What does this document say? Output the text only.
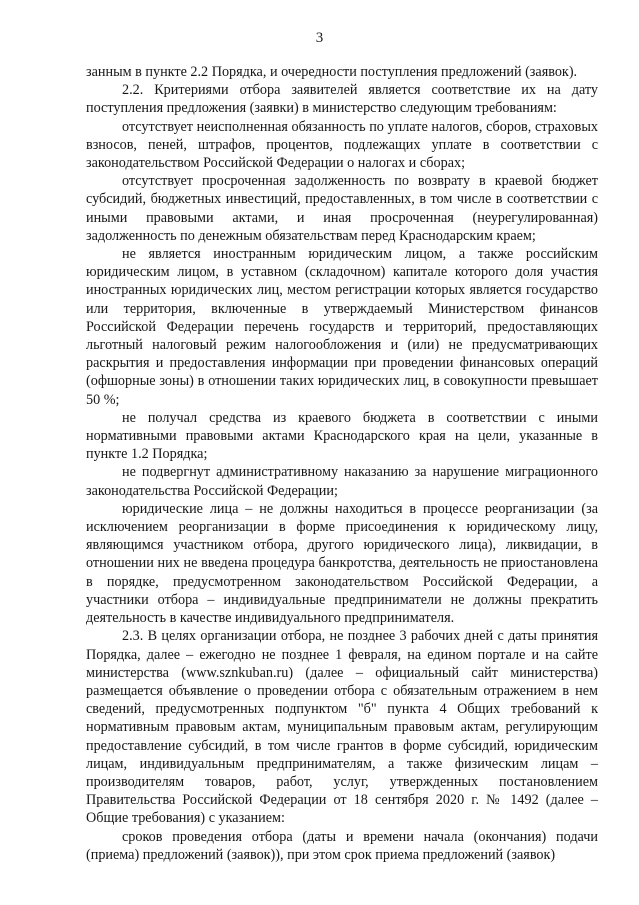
3

занным в пункте 2.2 Порядка, и очередности поступления предложений (заявок).

2.2. Критериями отбора заявителей является соответствие их на дату поступления предложения (заявки) в министерство следующим требованиям:

отсутствует неисполненная обязанность по уплате налогов, сборов, страховых взносов, пеней, штрафов, процентов, подлежащих уплате в соответствии с законодательством Российской Федерации о налогах и сборах;

отсутствует просроченная задолженность по возврату в краевой бюджет субсидий, бюджетных инвестиций, предоставленных, в том числе в соответствии с иными правовыми актами, и иная просроченная (неурегулированная) задолженность по денежным обязательствам перед Краснодарским краем;

не является иностранным юридическим лицом, а также российским юридическим лицом, в уставном (складочном) капитале которого доля участия иностранных юридических лиц, местом регистрации которых является государство или территория, включенные в утверждаемый Министерством финансов Российской Федерации перечень государств и территорий, предоставляющих льготный налоговый режим налогообложения и (или) не предусматривающих раскрытия и предоставления информации при проведении финансовых операций (офшорные зоны) в отношении таких юридических лиц, в совокупности превышает 50 %;

не получал средства из краевого бюджета в соответствии с иными нормативными правовыми актами Краснодарского края на цели, указанные в пункте 1.2 Порядка;

не подвергнут административному наказанию за нарушение миграционного законодательства Российской Федерации;

юридические лица – не должны находиться в процессе реорганизации (за исключением реорганизации в форме присоединения к юридическому лицу, являющимся участником отбора, другого юридического лица), ликвидации, в отношении них не введена процедура банкротства, деятельность не приостановлена в порядке, предусмотренном законодательством Российской Федерации, а участники отбора – индивидуальные предприниматели не должны прекратить деятельность в качестве индивидуального предпринимателя.

2.3. В целях организации отбора, не позднее 3 рабочих дней с даты принятия Порядка, далее – ежегодно не позднее 1 февраля, на едином портале и на сайте министерства (www.sznkuban.ru) (далее – официальный сайт министерства) размещается объявление о проведении отбора с обязательным отражением в нем сведений, предусмотренных подпунктом "б" пункта 4 Общих требований к нормативным правовым актам, муниципальным правовым актам, регулирующим предоставление субсидий, в том числе грантов в форме субсидий, юридическим лицам, индивидуальным предпринимателям, а также физическим лицам – производителям товаров, работ, услуг, утвержденных постановлением Правительства Российской Федерации от 18 сентября 2020 г. № 1492 (далее – Общие требования) с указанием:

сроков проведения отбора (даты и времени начала (окончания) подачи (приема) предложений (заявок)), при этом срок приема предложений (заявок)
